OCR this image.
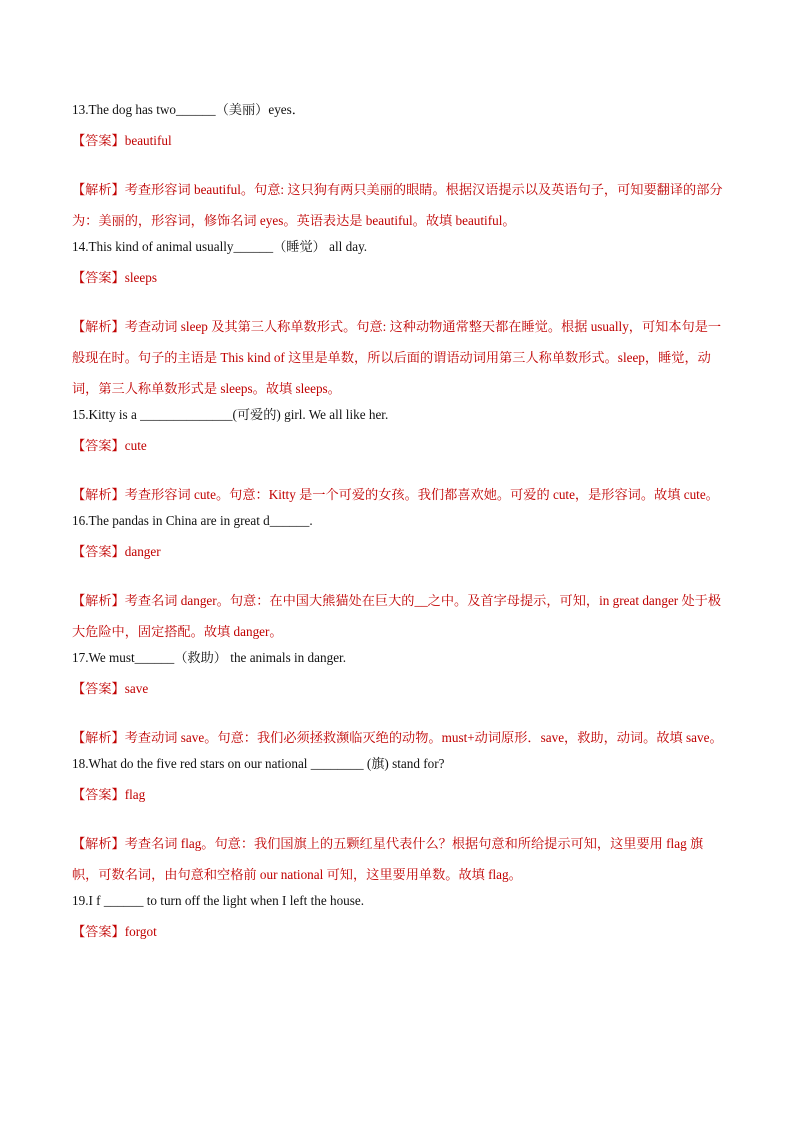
13.The dog has two______（美丽）eyes．

【答案】beautiful

【解析】考查形容词 beautiful。句意: 这只狗有两只美丽的眼睛。根据汉语提示以及英语句子，可知要翻译的部分为：美丽的，形容词，修饰名词 eyes。英语表达是 beautiful。故填 beautiful。

14.This kind of animal usually______（睡觉） all day.

【答案】sleeps

【解析】考查动词 sleep 及其第三人称单数形式。句意: 这种动物通常整天都在睡觉。根据 usually，可知本句是一般现在时。句子的主语是 This kind of 这里是单数，所以后面的谓语动词用第三人称单数形式。sleep，睡觉，动词，第三人称单数形式是 sleeps。故填 sleeps。

15.Kitty is a ______________(可爱的) girl. We all like her.

【答案】cute

【解析】考查形容词 cute。句意：Kitty 是一个可爱的女孩。我们都喜欢她。可爱的 cute，是形容词。故填 cute。

16.The pandas in China are in great d______.

【答案】danger

【解析】考查名词 danger。句意：在中国大熊猫处在巨大的__之中。及首字母提示，可知，in great danger 处于极大危险中，固定搭配。故填 danger。

17.We must______（救助） the animals in danger.

【答案】save

【解析】考查动词 save。句意：我们必须拯救濒临灭绝的动物。must+动词原形．save，救助，动词。故填 save。

18.What do the five red stars on our national ________ (旗) stand for?

【答案】flag

【解析】考查名词 flag。句意：我们国旗上的五颗红星代表什么？根据句意和所给提示可知，这里要用 flag 旗帜，可数名词，由句意和空格前 our national 可知，这里要用单数。故填 flag。

19.I f ______ to turn off the light when I left the house.

【答案】forgot
